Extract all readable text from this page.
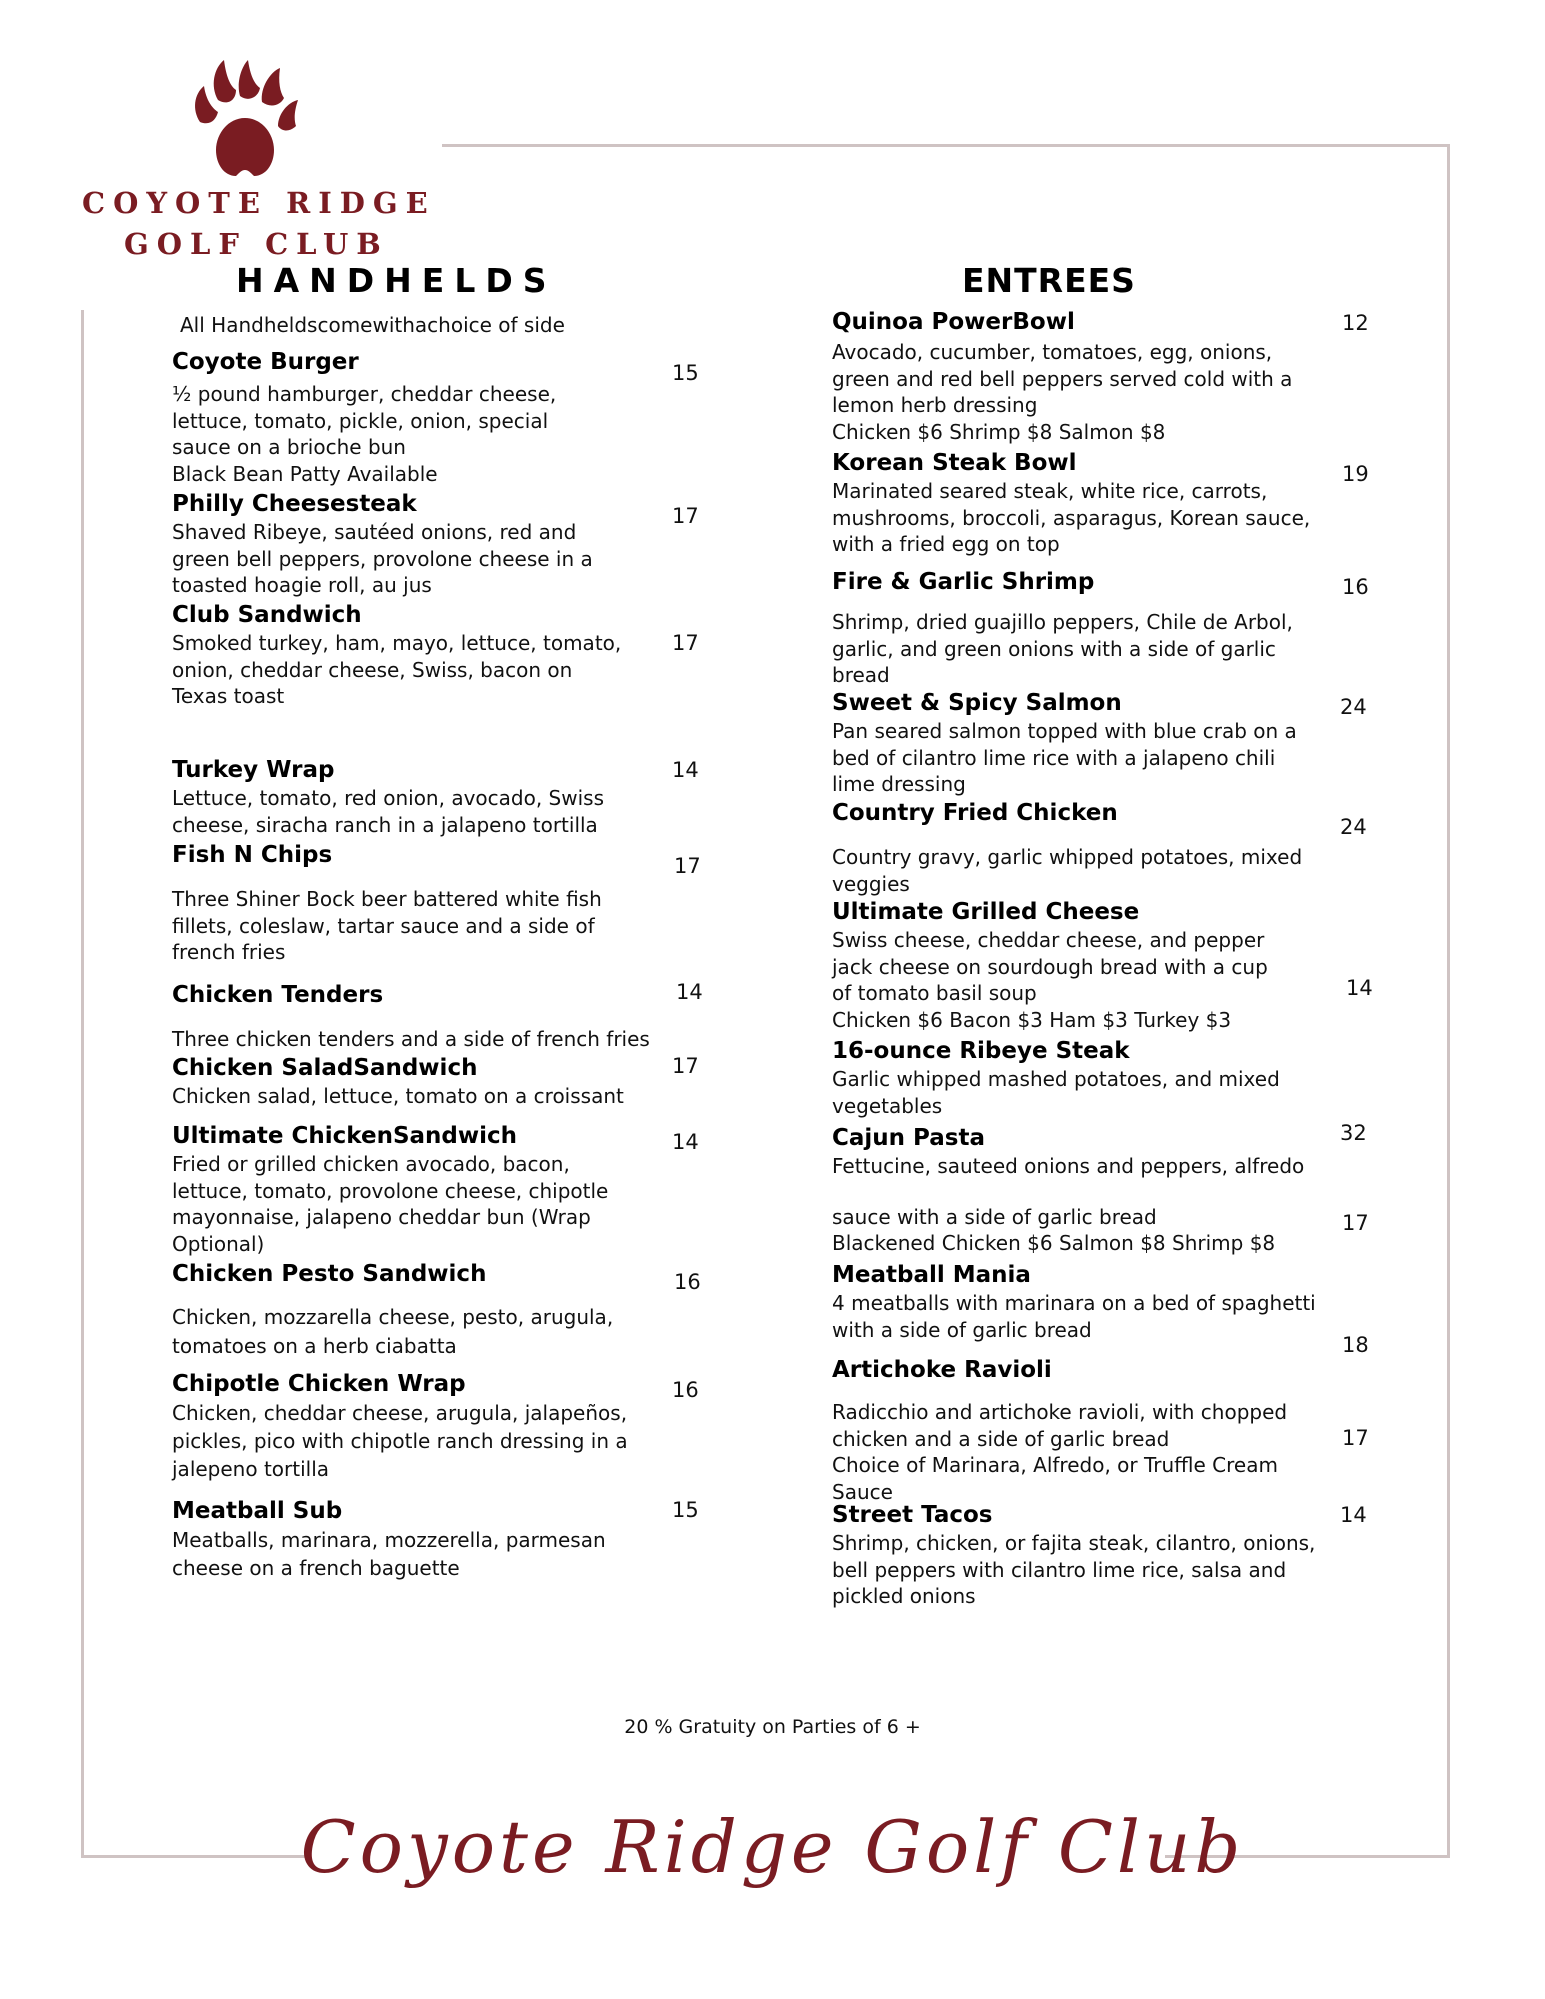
COYOTE RIDGE
GOLF CLUB
HANDHELDS	ENTREES
All Handheldscomewithachoice of side
Coyote Burger
½ pound hamburger, cheddar cheese,
lettuce, tomato, pickle, onion, special
sauce on a brioche bun
Black Bean Patty Available
15
Philly Cheesesteak
Shaved Ribeye, sautéed onions, red and
green bell peppers, provolone cheese in a
toasted hoagie roll, au jus
17
Club Sandwich
Smoked turkey, ham, mayo, lettuce, tomato,
onion, cheddar cheese, Swiss, bacon on
Texas toast
17
Turkey Wrap
Lettuce, tomato, red onion, avocado, Swiss
cheese, siracha ranch in a jalapeno tortilla
14
Fish N Chips
Three Shiner Bock beer battered white fish
fillets, coleslaw, tartar sauce and a side of
french fries
17
Chicken Tenders
Three chicken tenders and a side of french fries
14
Chicken SaladSandwich
Chicken salad, lettuce, tomato on a croissant
17
Ultimate ChickenSandwich
Fried or grilled chicken avocado, bacon,
lettuce, tomato, provolone cheese, chipotle
mayonnaise, jalapeno cheddar bun (Wrap
Optional)
14
Chicken Pesto Sandwich
Chicken, mozzarella cheese, pesto, arugula,
tomatoes on a herb ciabatta
16
Chipotle Chicken Wrap
Chicken, cheddar cheese, arugula, jalapeños,
pickles, pico with chipotle ranch dressing in a
jalepeno tortilla
16
Meatball Sub
Meatballs, marinara, mozzerella, parmesan
cheese on a french baguette
15
Quinoa PowerBowl
Avocado, cucumber, tomatoes, egg, onions,
green and red bell peppers served cold with a
lemon herb dressing
Chicken $6 Shrimp $8 Salmon $8
12
Korean Steak Bowl
Marinated seared steak, white rice, carrots,
mushrooms, broccoli, asparagus, Korean sauce,
with a fried egg on top
19
Fire & Garlic Shrimp
Shrimp, dried guajillo peppers, Chile de Arbol,
garlic, and green onions with a side of garlic
bread
16
Sweet & Spicy Salmon
Pan seared salmon topped with blue crab on a
bed of cilantro lime rice with a jalapeno chili
lime dressing
24
Country Fried Chicken
Country gravy, garlic whipped potatoes, mixed
veggies
24
Ultimate Grilled Cheese
Swiss cheese, cheddar cheese, and pepper
jack cheese on sourdough bread with a cup
of tomato basil soup
Chicken $6 Bacon $3 Ham $3 Turkey $3
14
16-ounce Ribeye Steak
Garlic whipped mashed potatoes, and mixed
vegetables
32
Cajun Pasta
Fettucine, sauteed onions and peppers, alfredo
sauce with a side of garlic bread
Blackened Chicken $6 Salmon $8 Shrimp $8
17
Meatball Mania
4 meatballs with marinara on a bed of spaghetti
with a side of garlic bread
18
Artichoke Ravioli
Radicchio and artichoke ravioli, with chopped
chicken and a side of garlic bread
Choice of Marinara, Alfredo, or Truffle Cream
Sauce
17
Street Tacos
Shrimp, chicken, or fajita steak, cilantro, onions,
bell peppers with cilantro lime rice, salsa and
pickled onions
14
20 % Gratuity on Parties of 6 +
Coyote Ridge Golf Club
